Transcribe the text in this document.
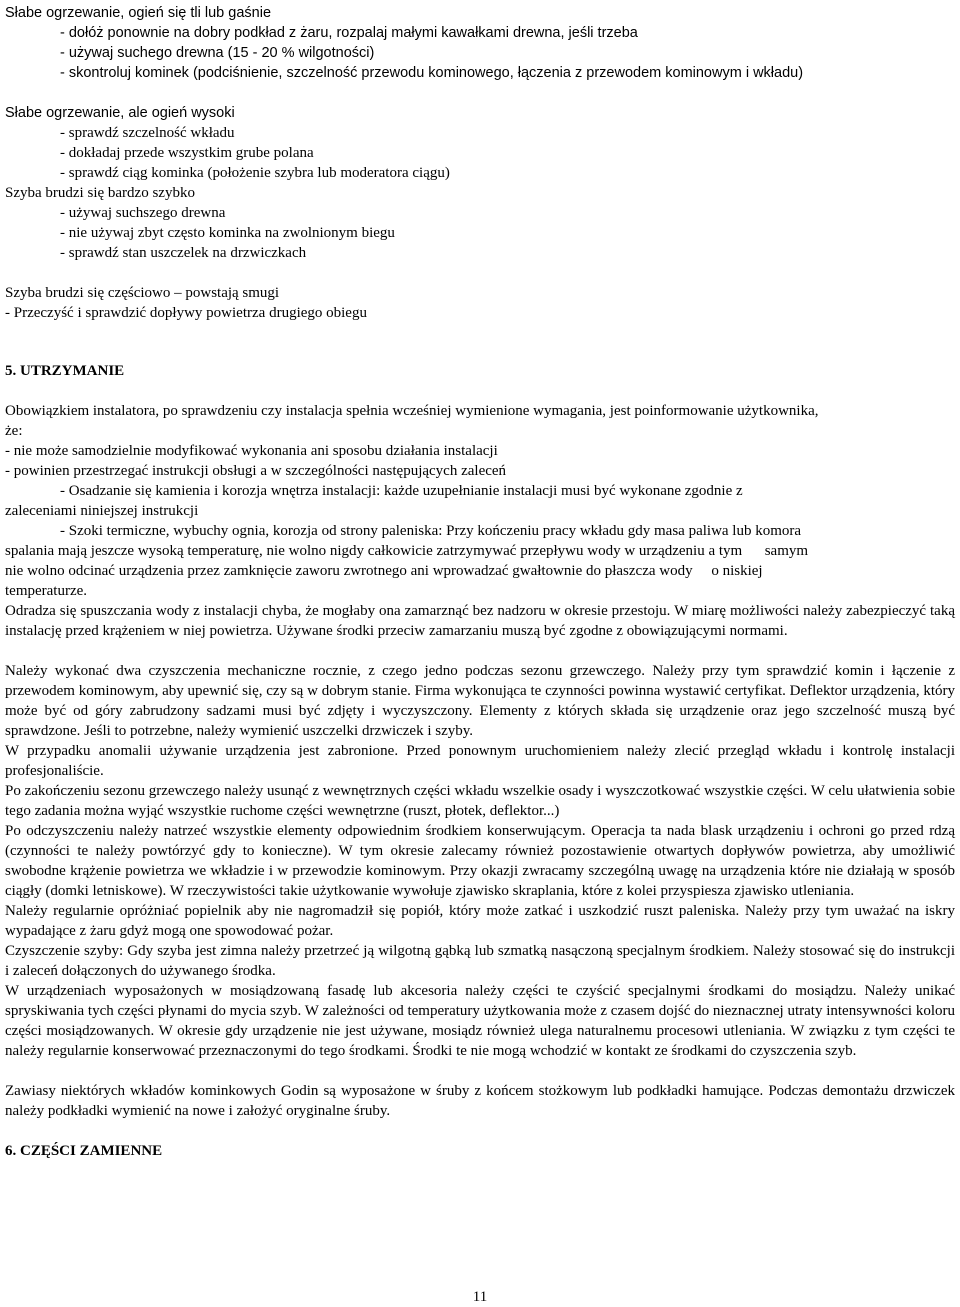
Słabe ogrzewanie, ogień się tli lub gaśnie
- dołóż ponownie na dobry podkład z żaru, rozpalaj małymi kawałkami drewna, jeśli trzeba
- używaj suchego drewna (15 - 20 % wilgotności)
- skontroluj kominek (podciśnienie, szczelność przewodu kominowego, łączenia z przewodem kominowym i wkładu)
Słabe ogrzewanie, ale ogień wysoki
- sprawdź szczelność wkładu
- dokładaj przede wszystkim grube polana
- sprawdź ciąg kominka (położenie szybra lub moderatora ciągu)
Szyba brudzi się bardzo szybko
- używaj suchszego drewna
- nie używaj zbyt często kominka na zwolnionym biegu
- sprawdź stan uszczelek na drzwiczkach
Szyba brudzi się częściowo – powstają smugi
- Przeczyść i sprawdzić dopływy powietrza drugiego obiegu
5. UTRZYMANIE
Obowiązkiem instalatora, po sprawdzeniu czy instalacja spełnia wcześniej wymienione wymagania, jest poinformowanie użytkownika,
że:
- nie może samodzielnie modyfikować wykonania ani sposobu działania instalacji
- powinien przestrzegać instrukcji obsługi a w szczególności następujących zaleceń
- Osadzanie się kamienia i korozja wnętrza instalacji: każde uzupełnianie instalacji musi być wykonane zgodnie z
zaleceniami niniejszej instrukcji
- Szoki termiczne, wybuchy ognia, korozja od strony paleniska: Przy kończeniu pracy wkładu gdy masa paliwa lub komora
spalania mają jeszcze wysoką temperaturę, nie wolno nigdy całkowicie zatrzymywać przepływu wody w urządzeniu a tym      samym
nie wolno odcinać urządzenia przez zamknięcie zaworu zwrotnego ani wprowadzać gwałtownie do płaszcza wody     o niskiej
temperaturze.

Odradza się spuszczania wody z instalacji chyba, że mogłaby ona zamarznąć bez nadzoru w okresie przestoju. W miarę możliwości należy zabezpieczyć taką instalację przed krążeniem w niej powietrza. Używane środki przeciw zamarzaniu muszą być zgodne z obowiązującymi normami.

Należy wykonać dwa czyszczenia mechaniczne rocznie, z czego jedno podczas sezonu grzewczego. Należy przy tym sprawdzić komin i łączenie z przewodem kominowym, aby upewnić się, czy są w dobrym stanie. Firma wykonująca te czynności powinna wystawić certyfikat. Deflektor urządzenia, który może być od góry zabrudzony sadzami musi być zdjęty i wyczyszczony. Elementy z których składa się urządzenie oraz jego szczelność muszą być sprawdzone. Jeśli to potrzebne, należy wymienić uszczelki drzwiczek i szyby.

W przypadku anomalii używanie urządzenia jest zabronione. Przed ponownym uruchomieniem należy zlecić przegląd wkładu i kontrolę instalacji profesjonaliście.

Po zakończeniu sezonu grzewczego należy usunąć z wewnętrznych części wkładu wszelkie osady i wyszczotkować wszystkie części. W celu ułatwienia sobie tego zadania można wyjąć wszystkie ruchome części wewnętrzne (ruszt, płotek, deflektor...)

Po odczyszczeniu należy natrzeć wszystkie elementy odpowiednim środkiem konserwującym. Operacja ta nada blask urządzeniu i ochroni go przed rdzą (czynności te należy powtórzyć gdy to konieczne). W tym okresie zalecamy również pozostawienie otwartych dopływów powietrza, aby umożliwić swobodne krążenie powietrza we wkładzie i w przewodzie kominowym. Przy okazji zwracamy szczególną uwagę na urządzenia które nie działają w sposób ciągły (domki letniskowe). W rzeczywistości takie użytkowanie wywołuje zjawisko skraplania, które z kolei przyspiesza zjawisko utleniania.

Należy regularnie opróżniać popielnik aby nie nagromadził się popiół, który może zatkać i uszkodzić ruszt paleniska. Należy przy tym uważać na iskry wypadające z żaru gdyż mogą one spowodować pożar.

Czyszczenie szyby: Gdy szyba jest zimna należy przetrzeć ją wilgotną gąbką lub szmatką nasączoną specjalnym środkiem. Należy stosować się do instrukcji i zaleceń dołączonych do używanego środka.

W urządzeniach wyposażonych w mosiądzowaną fasadę lub akcesoria należy części te czyścić specjalnymi środkami do mosiądzu. Należy unikać spryskiwania tych części płynami do mycia szyb. W zależności od temperatury użytkowania może z czasem dojść do nieznacznej utraty intensywności koloru części mosiądzowanych. W okresie gdy urządzenie nie jest używane, mosiądz również ulega naturalnemu procesowi utleniania. W związku z tym części te należy regularnie konserwować przeznaczonymi do tego środkami. Środki te nie mogą wchodzić w kontakt ze środkami do czyszczenia szyb.

Zawiasy niektórych wkładów kominkowych Godin są wyposażone w śruby z końcem stożkowym lub podkładki hamujące. Podczas demontażu drzwiczek należy podkładki wymienić na nowe i założyć oryginalne śruby.

6. CZĘŚCI ZAMIENNE
11
